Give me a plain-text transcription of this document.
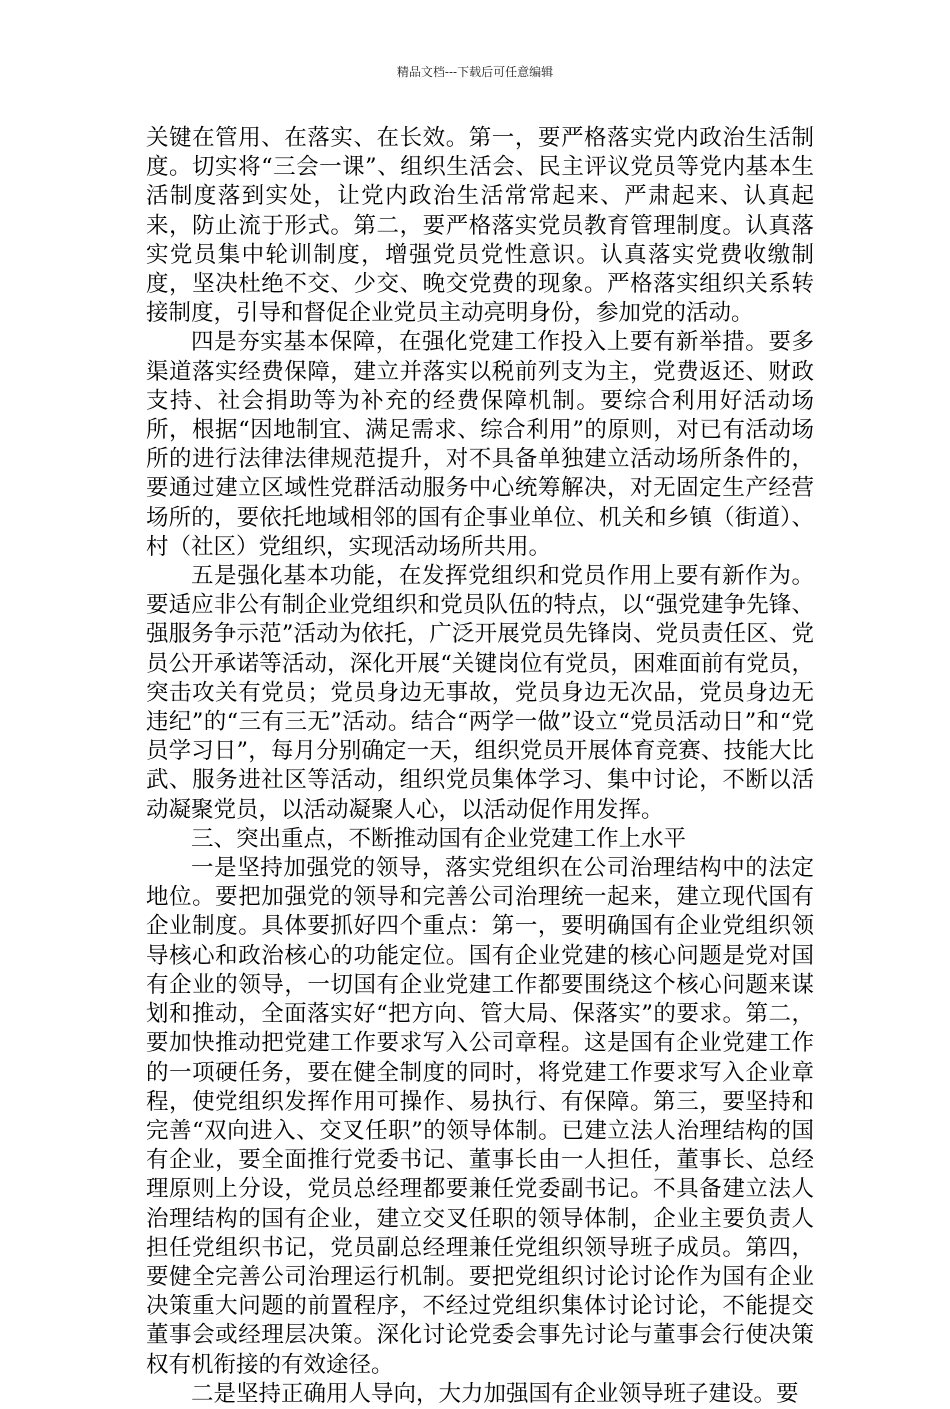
精品文档---下载后可任意编辑

关键在管用、在落实、在长效。第一，要严格落实党内政治生活制度。切实将“三会一课”、组织生活会、民主评议党员等党内基本生活制度落到实处，让党内政治生活常常起来、严肃起来、认真起来，防止流于形式。第二，要严格落实党员教育管理制度。认真落实党员集中轮训制度，增强党员党性意识。认真落实党费收缴制度，坚决杜绝不交、少交、晚交党费的现象。严格落实组织关系转接制度，引导和督促企业党员主动亮明身份，参加党的活动。

四是夯实基本保障，在强化党建工作投入上要有新举措。要多渠道落实经费保障，建立并落实以税前列支为主，党费返还、财政支持、社会捐助等为补充的经费保障机制。要综合利用好活动场所，根据“因地制宜、满足需求、综合利用”的原则，对已有活动场所的进行法律法律规范提升，对不具备单独建立活动场所条件的，要通过建立区域性党群活动服务中心统筹解决，对无固定生产经营场所的，要依托地域相邻的国有企事业单位、机关和乡镇（街道）、村（社区）党组织，实现活动场所共用。

五是强化基本功能，在发挥党组织和党员作用上要有新作为。要适应非公有制企业党组织和党员队伍的特点，以“强党建争先锋、强服务争示范”活动为依托，广泛开展党员先锋岗、党员责任区、党员公开承诺等活动，深化开展“关键岗位有党员，困难面前有党员，突击攻关有党员；党员身边无事故，党员身边无次品，党员身边无违纪”的“三有三无”活动。结合“两学一做”设立“党员活动日”和“党员学习日”，每月分别确定一天，组织党员开展体育竞赛、技能大比武、服务进社区等活动，组织党员集体学习、集中讨论，不断以活动凝聚党员，以活动凝聚人心，以活动促作用发挥。

三、突出重点，不断推动国有企业党建工作上水平

一是坚持加强党的领导，落实党组织在公司治理结构中的法定地位。要把加强党的领导和完善公司治理统一起来，建立现代国有企业制度。具体要抓好四个重点：第一，要明确国有企业党组织领导核心和政治核心的功能定位。国有企业党建的核心问题是党对国有企业的领导，一切国有企业党建工作都要围绕这个核心问题来谋划和推动，全面落实好“把方向、管大局、保落实”的要求。第二，要加快推动把党建工作要求写入公司章程。这是国有企业党建工作的一项硬任务，要在健全制度的同时，将党建工作要求写入企业章程，使党组织发挥作用可操作、易执行、有保障。第三，要坚持和完善“双向进入、交叉任职”的领导体制。已建立法人治理结构的国有企业，要全面推行党委书记、董事长由一人担任，董事长、总经理原则上分设，党员总经理都要兼任党委副书记。不具备建立法人治理结构的国有企业，建立交叉任职的领导体制，企业主要负责人担任党组织书记，党员副总经理兼任党组织领导班子成员。第四，要健全完善公司治理运行机制。要把党组织讨论讨论作为国有企业决策重大问题的前置程序，不经过党组织集体讨论讨论，不能提交董事会或经理层决策。深化讨论党委会事先讨论与董事会行使决策权有机衔接的有效途径。

二是坚持正确用人导向，大力加强国有企业领导班子建设。要
